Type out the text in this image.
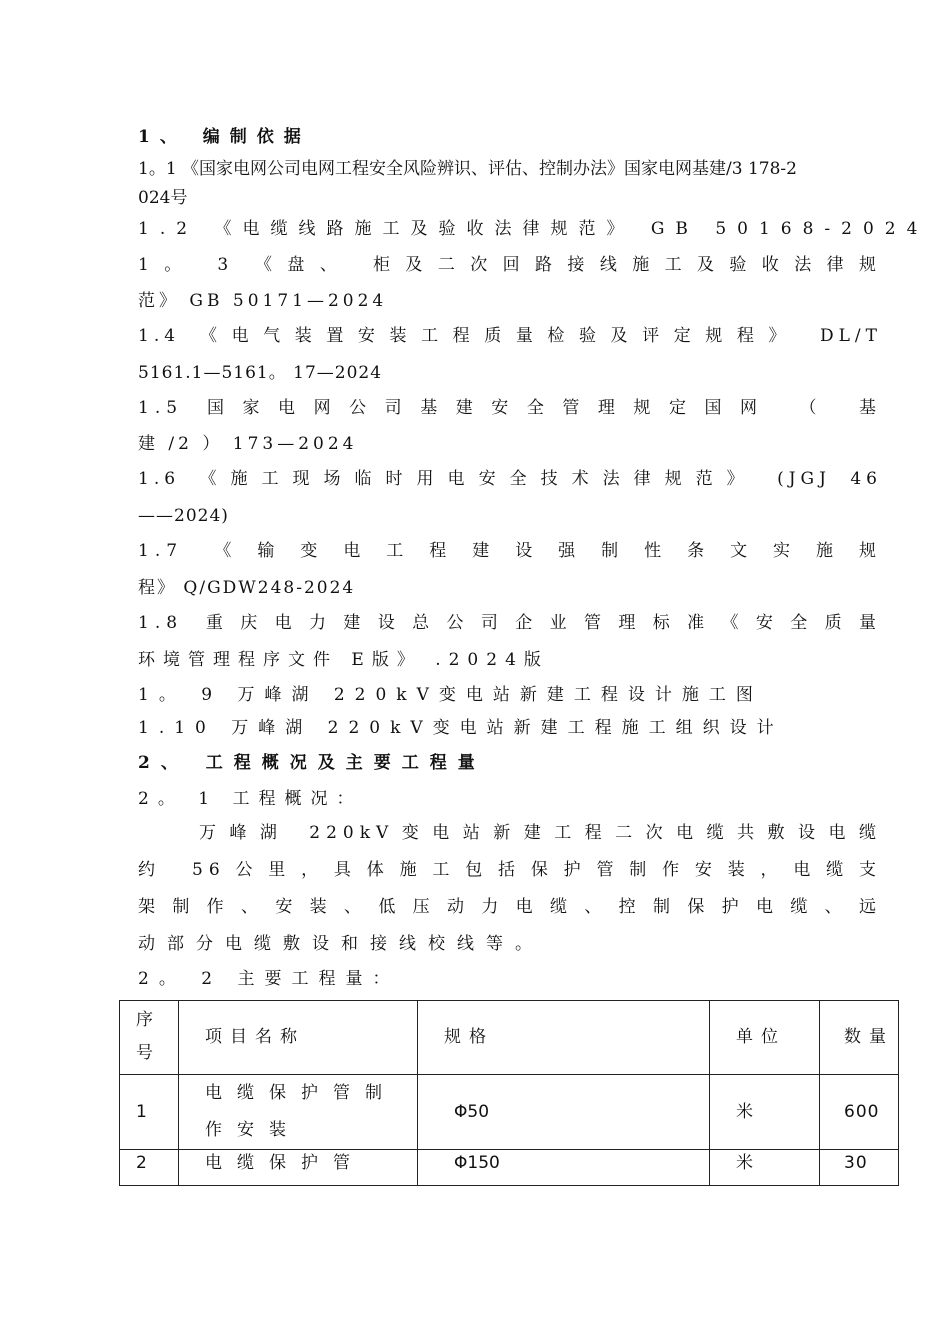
1、 编制依据
1。1 《国家电网公司电网工程安全风险辨识、评估、控制办法》国家电网基建/3 178-2
024号
1.2 《电缆线路施工及验收法律规范》 GB 50168-2024
1。 3 《盘、 柜及二次回路接线施工及验收法律规
范》 GB 50171—2024
1.4 《电气装置安装工程质量检验及评定规程》 DL/T
5161.1—5161。 17—2024
1.5 国家电网公司基建安全管理规定国网 （ 基
建 /2 ） 173—2024
1.6 《施工现场临时用电安全技术法律规范》 (JGJ 46
——2024)
1.7 《输变电工程建设强制性条文实施规
程》 Q/GDW248-2024
1.8 重庆电力建设总公司企业管理标准《安全质量
环境管理程序文件 E版》 .2024版
1。 9 万峰湖 220kV变电站新建工程设计施工图
1.10 万峰湖 220kV变电站新建工程施工组织设计
2、 工程概况及主要工程量
2。 1 工程概况：
　　万峰湖 220kV变电站新建工程二次电缆共敷设电缆
约 56公里，具体施工包括保护管制作安装，电缆支
架制作、安装、低压动力电缆、控制保护电缆、远
动部分电缆敷设和接线校线等。
2。 2 主要工程量：
序号	项目名称	规格	单位	数量
1	电缆保护管制作安装	Φ50	米	600
2	电缆保护管	Φ150	米	30
